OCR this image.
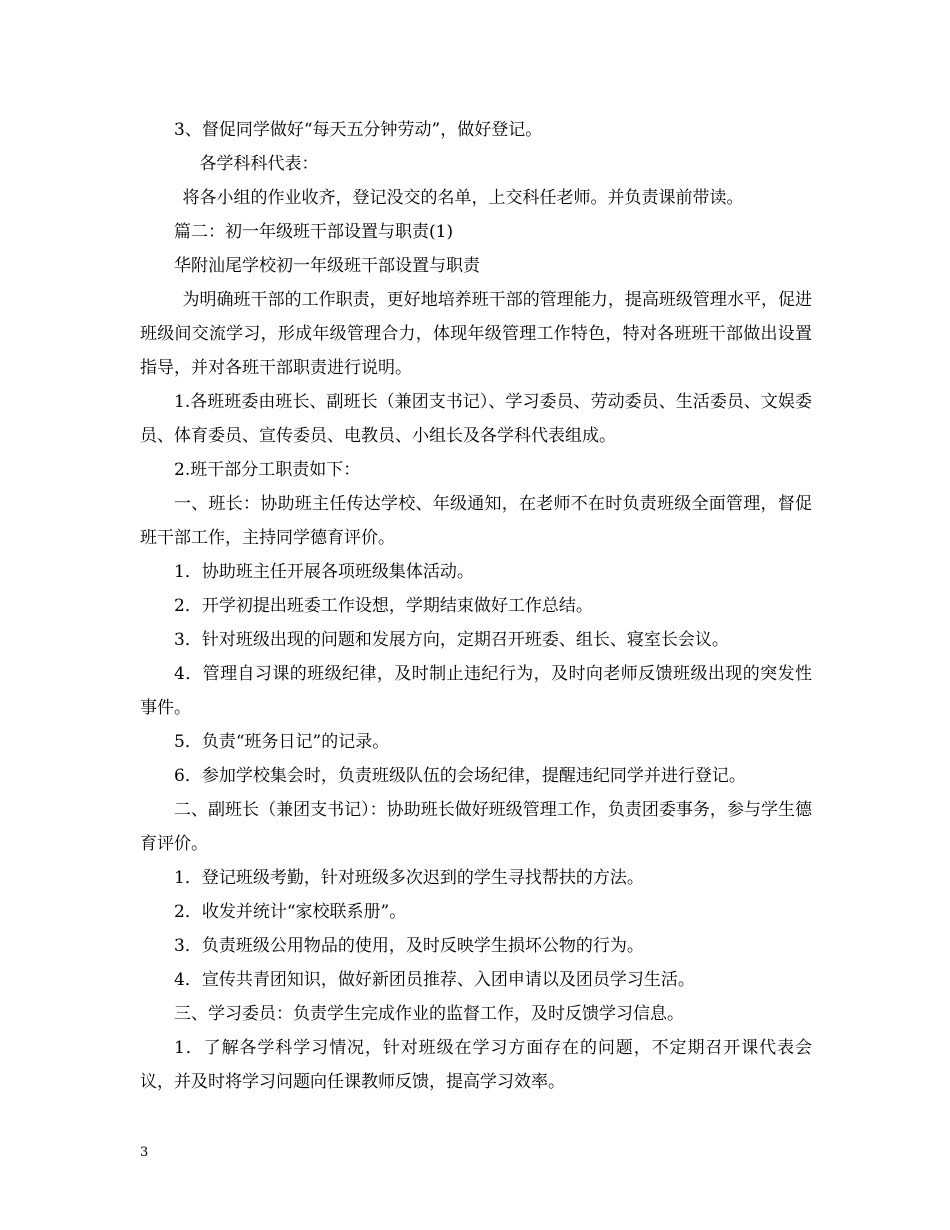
3、督促同学做好“每天五分钟劳动”，做好登记。

各学科科代表：

将各小组的作业收齐，登记没交的名单，上交科任老师。并负责课前带读。

篇二：初一年级班干部设置与职责(1)

华附汕尾学校初一年级班干部设置与职责

为明确班干部的工作职责，更好地培养班干部的管理能力，提高班级管理水平，促进班级间交流学习，形成年级管理合力，体现年级管理工作特色，特对各班班干部做出设置指导，并对各班干部职责进行说明。

1.各班班委由班长、副班长（兼团支书记）、学习委员、劳动委员、生活委员、文娱委员、体育委员、宣传委员、电教员、小组长及各学科代表组成。

2.班干部分工职责如下：

一、班长：协助班主任传达学校、年级通知，在老师不在时负责班级全面管理，督促班干部工作，主持同学德育评价。

1．协助班主任开展各项班级集体活动。

2．开学初提出班委工作设想，学期结束做好工作总结。

3．针对班级出现的问题和发展方向，定期召开班委、组长、寝室长会议。

4．管理自习课的班级纪律，及时制止违纪行为，及时向老师反馈班级出现的突发性事件。

5．负责“班务日记”的记录。

6．参加学校集会时，负责班级队伍的会场纪律，提醒违纪同学并进行登记。

二、副班长（兼团支书记）：协助班长做好班级管理工作，负责团委事务，参与学生德育评价。

1．登记班级考勤，针对班级多次迟到的学生寻找帮扶的方法。

2．收发并统计“家校联系册”。

3．负责班级公用物品的使用，及时反映学生损坏公物的行为。

4．宣传共青团知识，做好新团员推荐、入团申请以及团员学习生活。

三、学习委员：负责学生完成作业的监督工作，及时反馈学习信息。

1．了解各学科学习情况，针对班级在学习方面存在的问题，不定期召开课代表会议，并及时将学习问题向任课教师反馈，提高学习效率。

3
